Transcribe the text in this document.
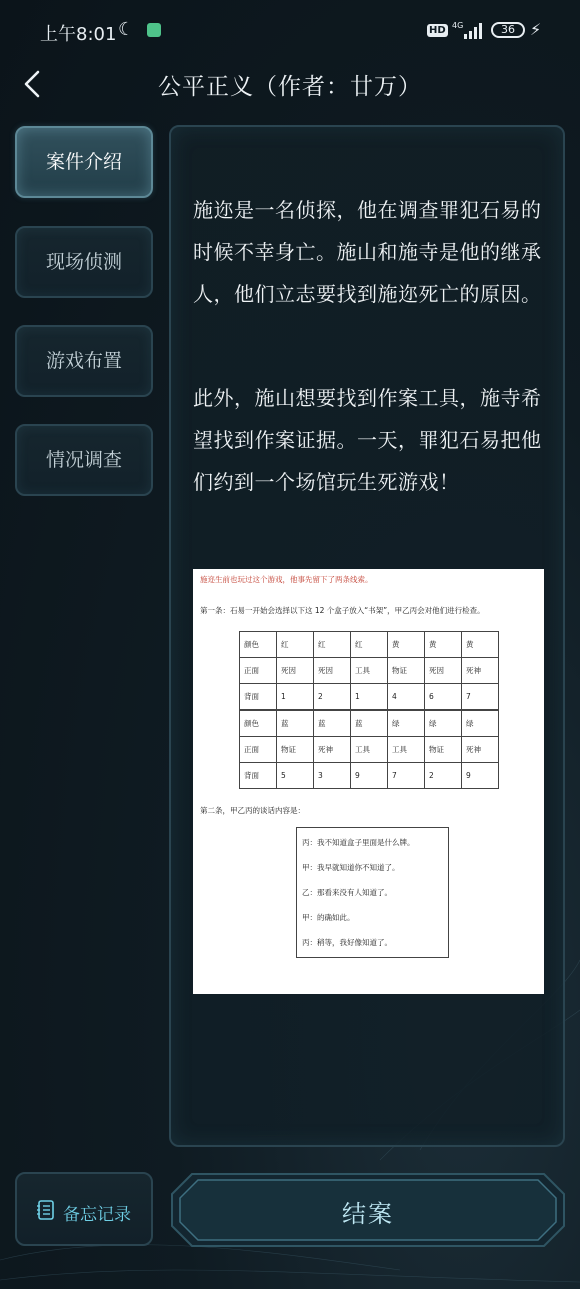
上午8:01 ☾	HD 4G	36 ⚡
公平正义（作者：廿万）
案件介绍
现场侦测
游戏布置
情况调查
施迩是一名侦探，他在调查罪犯石易的时候不幸身亡。施山和施寺是他的继承人，他们立志要找到施迩死亡的原因。
此外，施山想要找到作案工具，施寺希望找到作案证据。一天，罪犯石易把他们约到一个场馆玩生死游戏！
施迩生前也玩过这个游戏，他事先留下了两条线索。
第一条：石易一开始会选择以下这 12 个盒子放入“书架”，甲乙丙会对他们进行检查。
颜色	红	红	红	黄	黄	黄
正面	死因	死因	工具	物证	死因	死神
背面	1	2	1	4	6	7
颜色	蓝	蓝	蓝	绿	绿	绿
正面	物证	死神	工具	工具	物证	死神
背面	5	3	9	7	2	9
第二条，甲乙丙的谈话内容是：
丙：我不知道盒子里面是什么牌。
甲：我早就知道你不知道了。
乙：那看来没有人知道了。
甲：的确如此。
丙：稍等，我好像知道了。
备忘记录	结案
